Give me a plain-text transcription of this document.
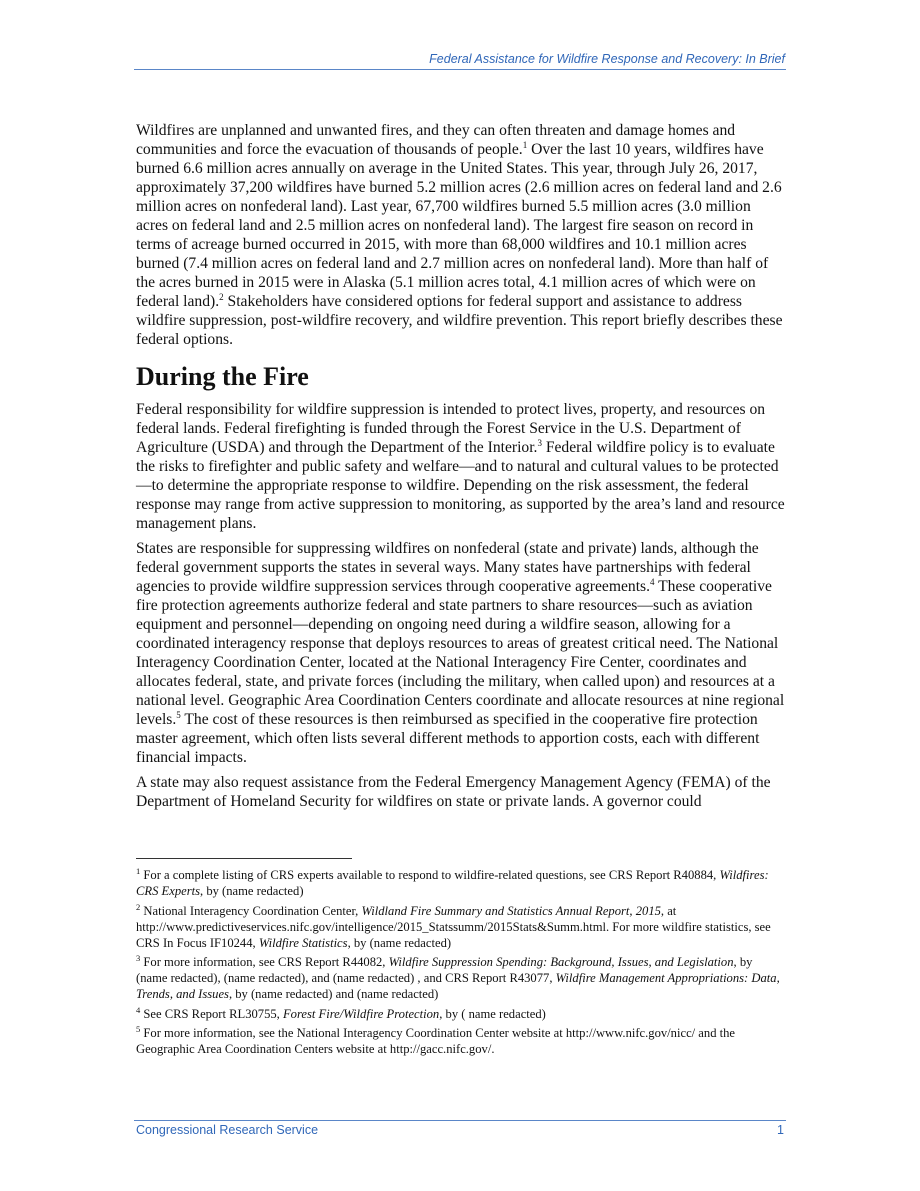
Federal Assistance for Wildfire Response and Recovery: In Brief

Wildfires are unplanned and unwanted fires, and they can often threaten and damage homes and communities and force the evacuation of thousands of people.$^1$ Over the last 10 years, wildfires have burned 6.6 million acres annually on average in the United States. This year, through July 26, 2017, approximately 37,200 wildfires have burned 5.2 million acres (2.6 million acres on federal land and 2.6 million acres on nonfederal land). Last year, 67,700 wildfires burned 5.5 million acres (3.0 million acres on federal land and 2.5 million acres on nonfederal land). The largest fire season on record in terms of acreage burned occurred in 2015, with more than 68,000 wildfires and 10.1 million acres burned (7.4 million acres on federal land and 2.7 million acres on nonfederal land). More than half of the acres burned in 2015 were in Alaska (5.1 million acres total, 4.1 million acres of which were on federal land).$^2$ Stakeholders have considered options for federal support and assistance to address wildfire suppression, post-wildfire recovery, and wildfire prevention. This report briefly describes these federal options.

During the Fire

Federal responsibility for wildfire suppression is intended to protect lives, property, and resources on federal lands. Federal firefighting is funded through the Forest Service in the U.S. Department of Agriculture (USDA) and through the Department of the Interior.$^3$ Federal wildfire policy is to evaluate the risks to firefighter and public safety and welfare—and to natural and cultural values to be protected—to determine the appropriate response to wildfire. Depending on the risk assessment, the federal response may range from active suppression to monitoring, as supported by the area’s land and resource management plans.

States are responsible for suppressing wildfires on nonfederal (state and private) lands, although the federal government supports the states in several ways. Many states have partnerships with federal agencies to provide wildfire suppression services through cooperative agreements.$^4$ These cooperative fire protection agreements authorize federal and state partners to share resources—such as aviation equipment and personnel—depending on ongoing need during a wildfire season, allowing for a coordinated interagency response that deploys resources to areas of greatest critical need. The National Interagency Coordination Center, located at the National Interagency Fire Center, coordinates and allocates federal, state, and private forces (including the military, when called upon) and resources at a national level. Geographic Area Coordination Centers coordinate and allocate resources at nine regional levels.$^5$ The cost of these resources is then reimbursed as specified in the cooperative fire protection master agreement, which often lists several different methods to apportion costs, each with different financial impacts.

A state may also request assistance from the Federal Emergency Management Agency (FEMA) of the Department of Homeland Security for wildfires on state or private lands. A governor could

$^1$ For a complete listing of CRS experts available to respond to wildfire-related questions, see CRS Report R40884, Wildfires: CRS Experts, by (name redacted)
$^2$ National Interagency Coordination Center, Wildland Fire Summary and Statistics Annual Report, 2015, at http://www.predictiveservices.nifc.gov/intelligence/2015_Statssumm/2015Stats&Summ.html. For more wildfire statistics, see CRS In Focus IF10244, Wildfire Statistics, by (name redacted)
$^3$ For more information, see CRS Report R44082, Wildfire Suppression Spending: Background, Issues, and Legislation, by (name redacted), (name redacted), and (name redacted) , and CRS Report R43077, Wildfire Management Appropriations: Data, Trends, and Issues, by (name redacted) and (name redacted)
$^4$ See CRS Report RL30755, Forest Fire/Wildfire Protection, by ( name redacted)
$^5$ For more information, see the National Interagency Coordination Center website at http://www.nifc.gov/nicc/ and the Geographic Area Coordination Centers website at http://gacc.nifc.gov/.
Congressional Research Service	1
